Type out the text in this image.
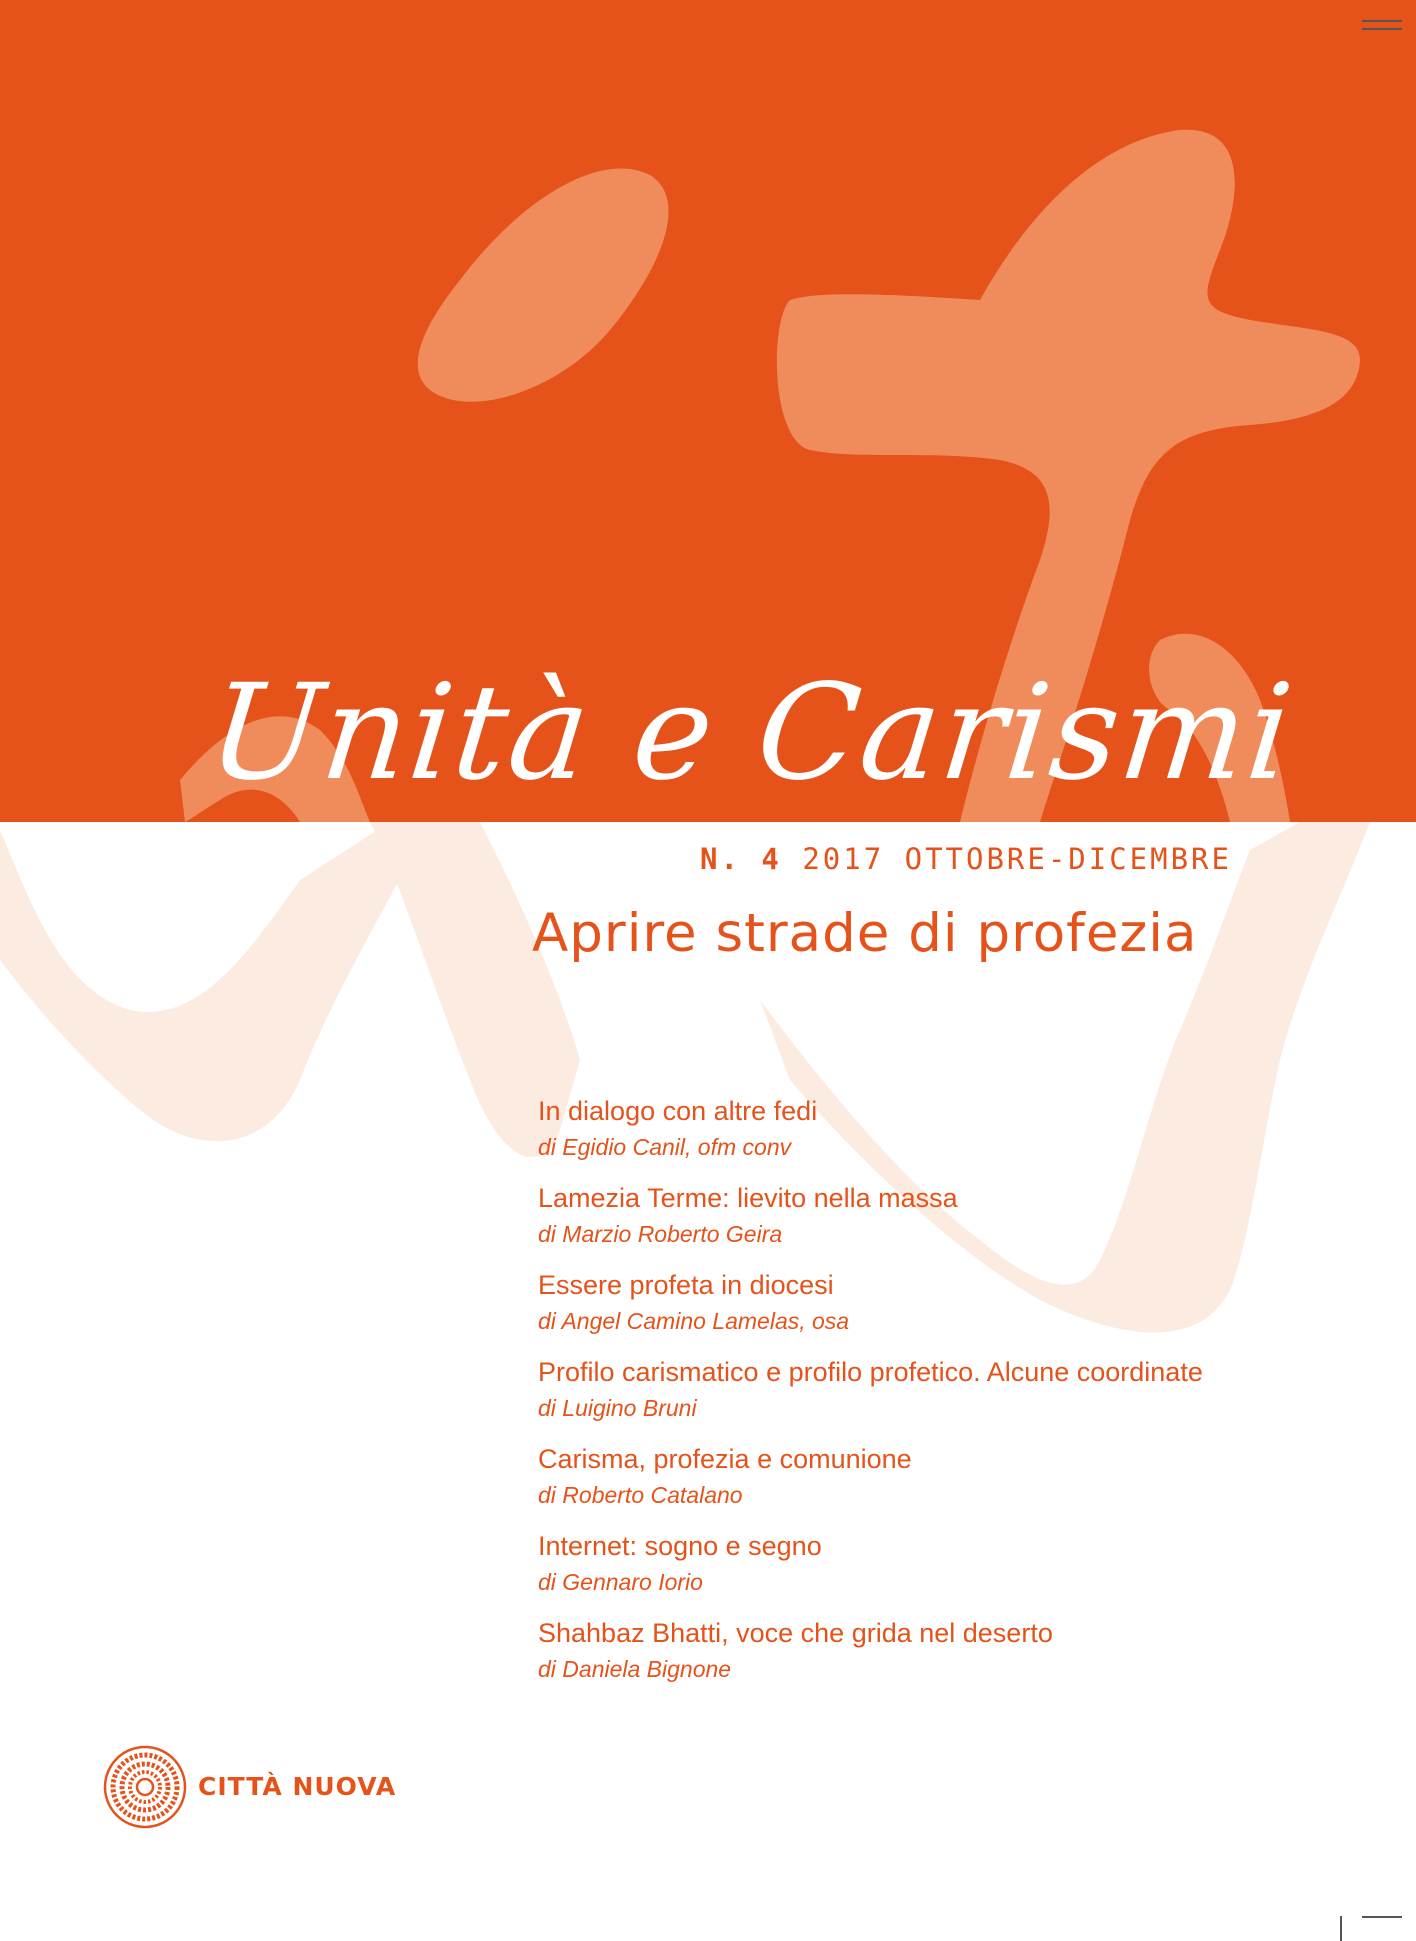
Unità e Carismi
N. 4 2017 OTTOBRE-DICEMBRE
Aprire strade di profezia
In dialogo con altre fedi
di Egidio Canil, ofm conv
Lamezia Terme: lievito nella massa
di Marzio Roberto Geira
Essere profeta in diocesi
di Angel Camino Lamelas, osa
Profilo carismatico e profilo profetico. Alcune coordinate
di Luigino Bruni
Carisma, profezia e comunione
di Roberto Catalano
Internet: sogno e segno
di Gennaro Iorio
Shahbaz Bhatti, voce che grida nel deserto
di Daniela Bignone
CITTÀ NUOVA
